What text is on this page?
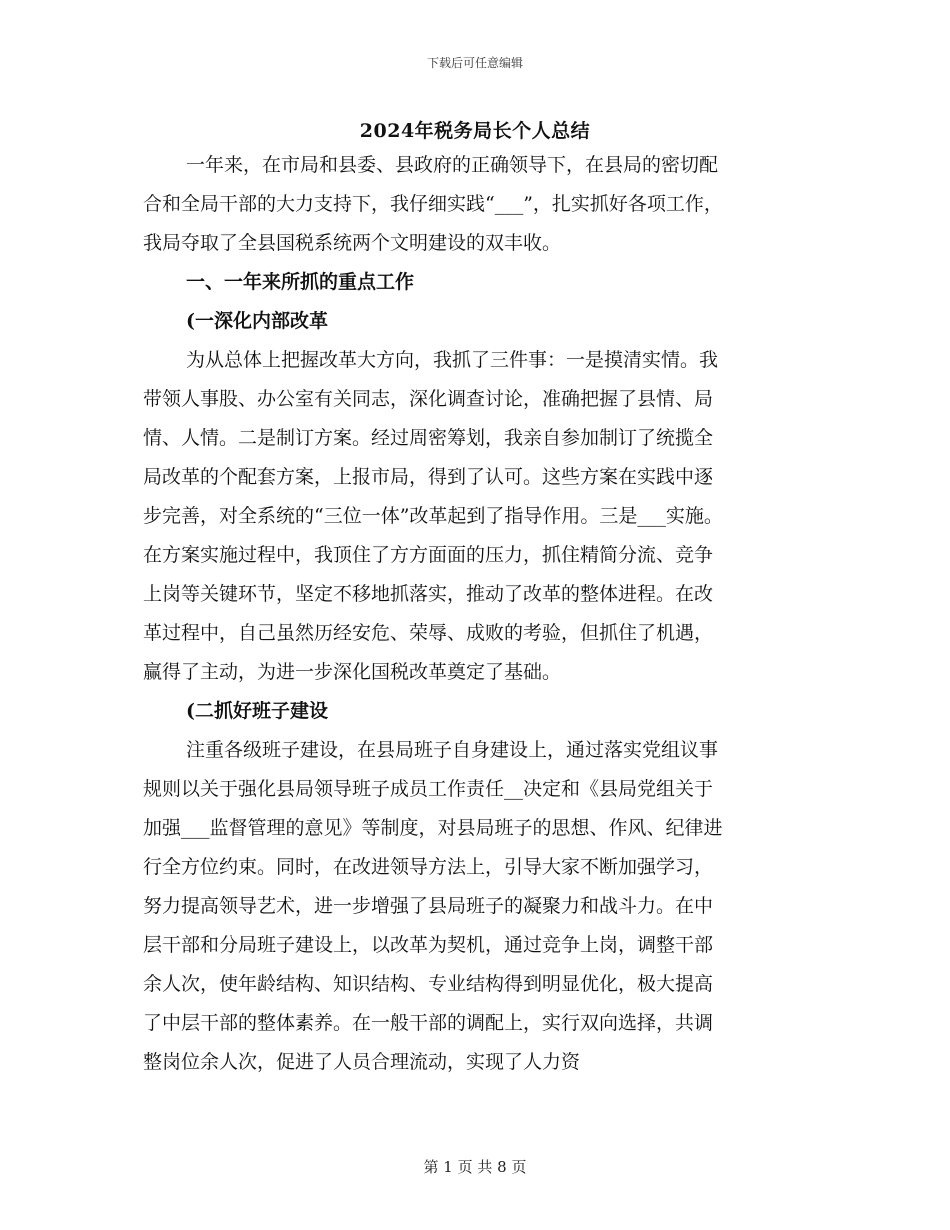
下载后可任意编辑
2024年税务局长个人总结
一年来，在市局和县委、县政府的正确领导下，在县局的密切配
合和全局干部的大力支持下，我仔细实践“___”，扎实抓好各项工作，
我局夺取了全县国税系统两个文明建设的双丰收。
一、一年来所抓的重点工作
(一深化内部改革
为从总体上把握改革大方向，我抓了三件事：一是摸清实情。我
带领人事股、办公室有关同志，深化调查讨论，准确把握了县情、局
情、人情。二是制订方案。经过周密筹划，我亲自参加制订了统揽全
局改革的个配套方案，上报市局，得到了认可。这些方案在实践中逐
步完善，对全系统的“三位一体”改革起到了指导作用。三是___实施。
在方案实施过程中，我顶住了方方面面的压力，抓住精简分流、竞争
上岗等关键环节，坚定不移地抓落实，推动了改革的整体进程。在改
革过程中，自己虽然历经安危、荣辱、成败的考验，但抓住了机遇，
赢得了主动，为进一步深化国税改革奠定了基础。
(二抓好班子建设
注重各级班子建设，在县局班子自身建设上，通过落实党组议事
规则以关于强化县局领导班子成员工作责任__决定和《县局党组关于
加强___监督管理的意见》等制度，对县局班子的思想、作风、纪律进
行全方位约束。同时，在改进领导方法上，引导大家不断加强学习，
努力提高领导艺术，进一步增强了县局班子的凝聚力和战斗力。在中
层干部和分局班子建设上，以改革为契机，通过竞争上岗，调整干部
余人次，使年龄结构、知识结构、专业结构得到明显优化，极大提高
了中层干部的整体素养。在一般干部的调配上，实行双向选择，共调
整岗位余人次，促进了人员合理流动，实现了人力资
第 1 页 共 8 页
